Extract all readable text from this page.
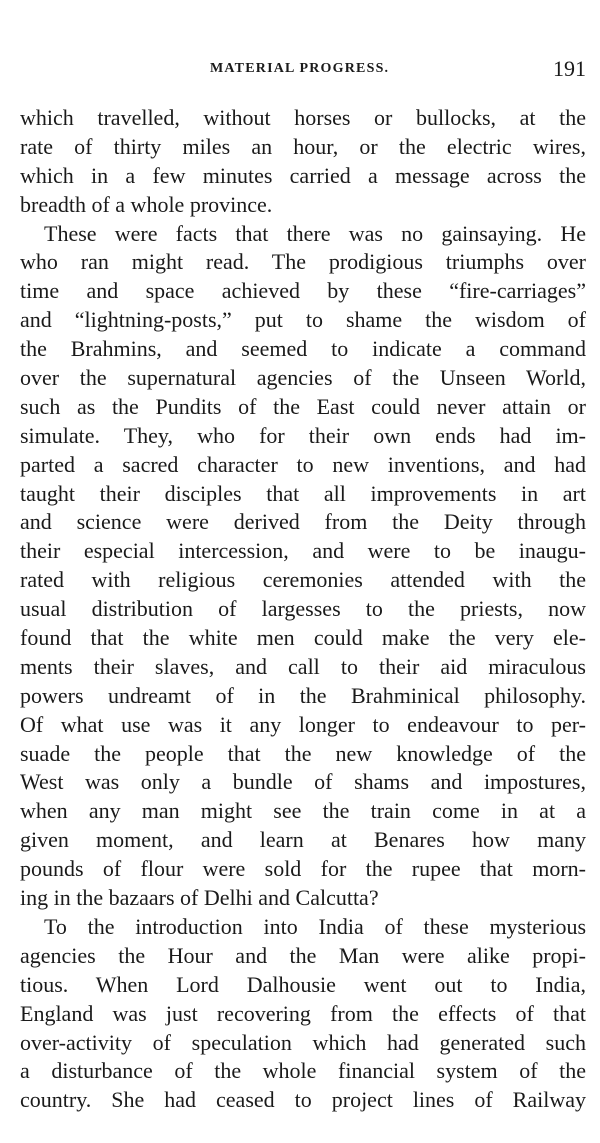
MATERIAL PROGRESS.	191
which travelled, without horses or bullocks, at the
rate of thirty miles an hour, or the electric wires,
which in a few minutes carried a message across the
breadth of a whole province.
These were facts that there was no gainsaying. He
who ran might read. The prodigious triumphs over
time and space achieved by these “fire-carriages”
and “lightning-posts,” put to shame the wisdom of
the Brahmins, and seemed to indicate a command
over the supernatural agencies of the Unseen World,
such as the Pundits of the East could never attain or
simulate. They, who for their own ends had im-
parted a sacred character to new inventions, and had
taught their disciples that all improvements in art
and science were derived from the Deity through
their especial intercession, and were to be inaugu-
rated with religious ceremonies attended with the
usual distribution of largesses to the priests, now
found that the white men could make the very ele-
ments their slaves, and call to their aid miraculous
powers undreamt of in the Brahminical philosophy.
Of what use was it any longer to endeavour to per-
suade the people that the new knowledge of the
West was only a bundle of shams and impostures,
when any man might see the train come in at a
given moment, and learn at Benares how many
pounds of flour were sold for the rupee that morn-
ing in the bazaars of Delhi and Calcutta?
To the introduction into India of these mysterious
agencies the Hour and the Man were alike propi-
tious. When Lord Dalhousie went out to India,
England was just recovering from the effects of that
over-activity of speculation which had generated such
a disturbance of the whole financial system of the
country. She had ceased to project lines of Railway
